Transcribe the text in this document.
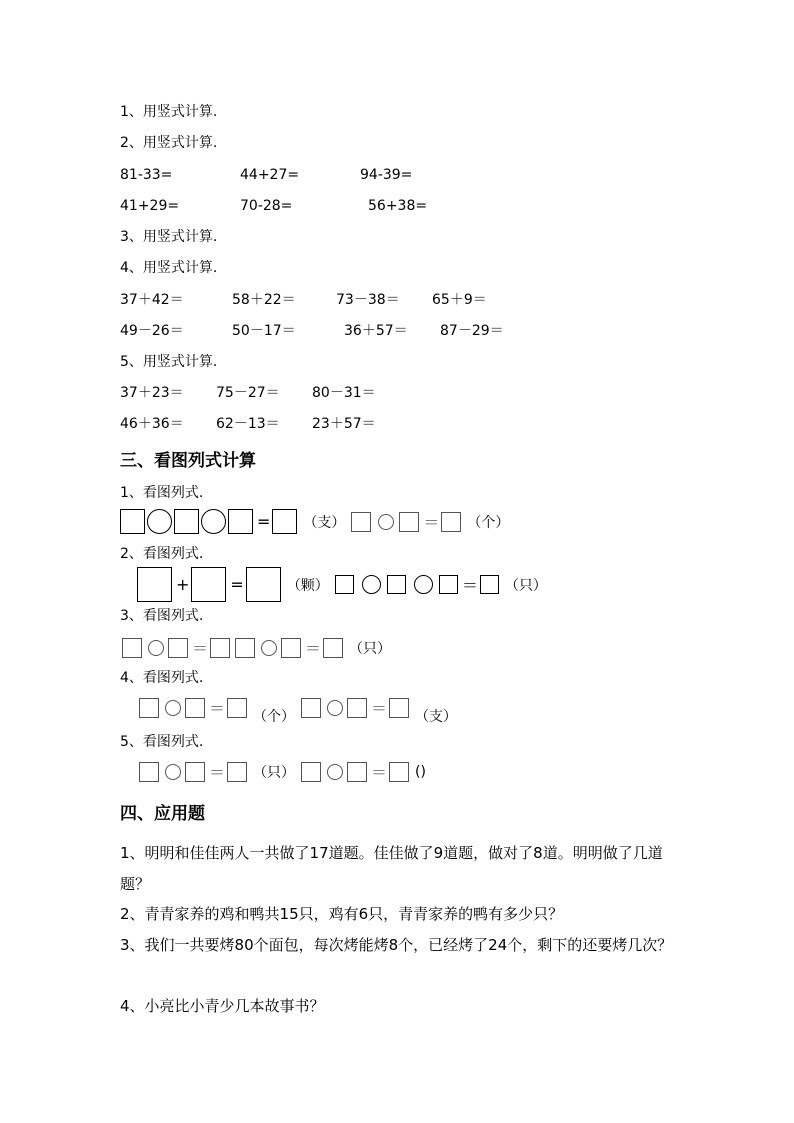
1、用竖式计算.
2、用竖式计算.
81-33=	44+27=	94-39=
41+29=	70-28=	56+38=
3、用竖式计算.
4、用竖式计算.
37＋42＝	58＋22＝	73－38＝ 65＋9＝
49－26＝	50－17＝	36＋57＝ 87－29＝
5、用竖式计算.
37＋23＝ 75－27＝ 80－31＝
46＋36＝ 62－13＝ 23＋57＝
三、看图列式计算
1、看图列式.
= （支）	＝ （个）
2、看图列式.
+	=	（颗）	＝ （只）
3、看图列式.
＝	＝ （只）
4、看图列式.
＝ （个）	＝ （支）
5、看图列式.
＝ （只）	＝ ()
四、应用题
1、明明和佳佳两人一共做了17道题。佳佳做了9道题，做对了8道。明明做了几道题？
2、青青家养的鸡和鸭共15只，鸡有6只，青青家养的鸭有多少只？
3、我们一共要烤80个面包，每次烤能烤8个，已经烤了24个，剩下的还要烤几次？
4、小亮比小青少几本故事书？
